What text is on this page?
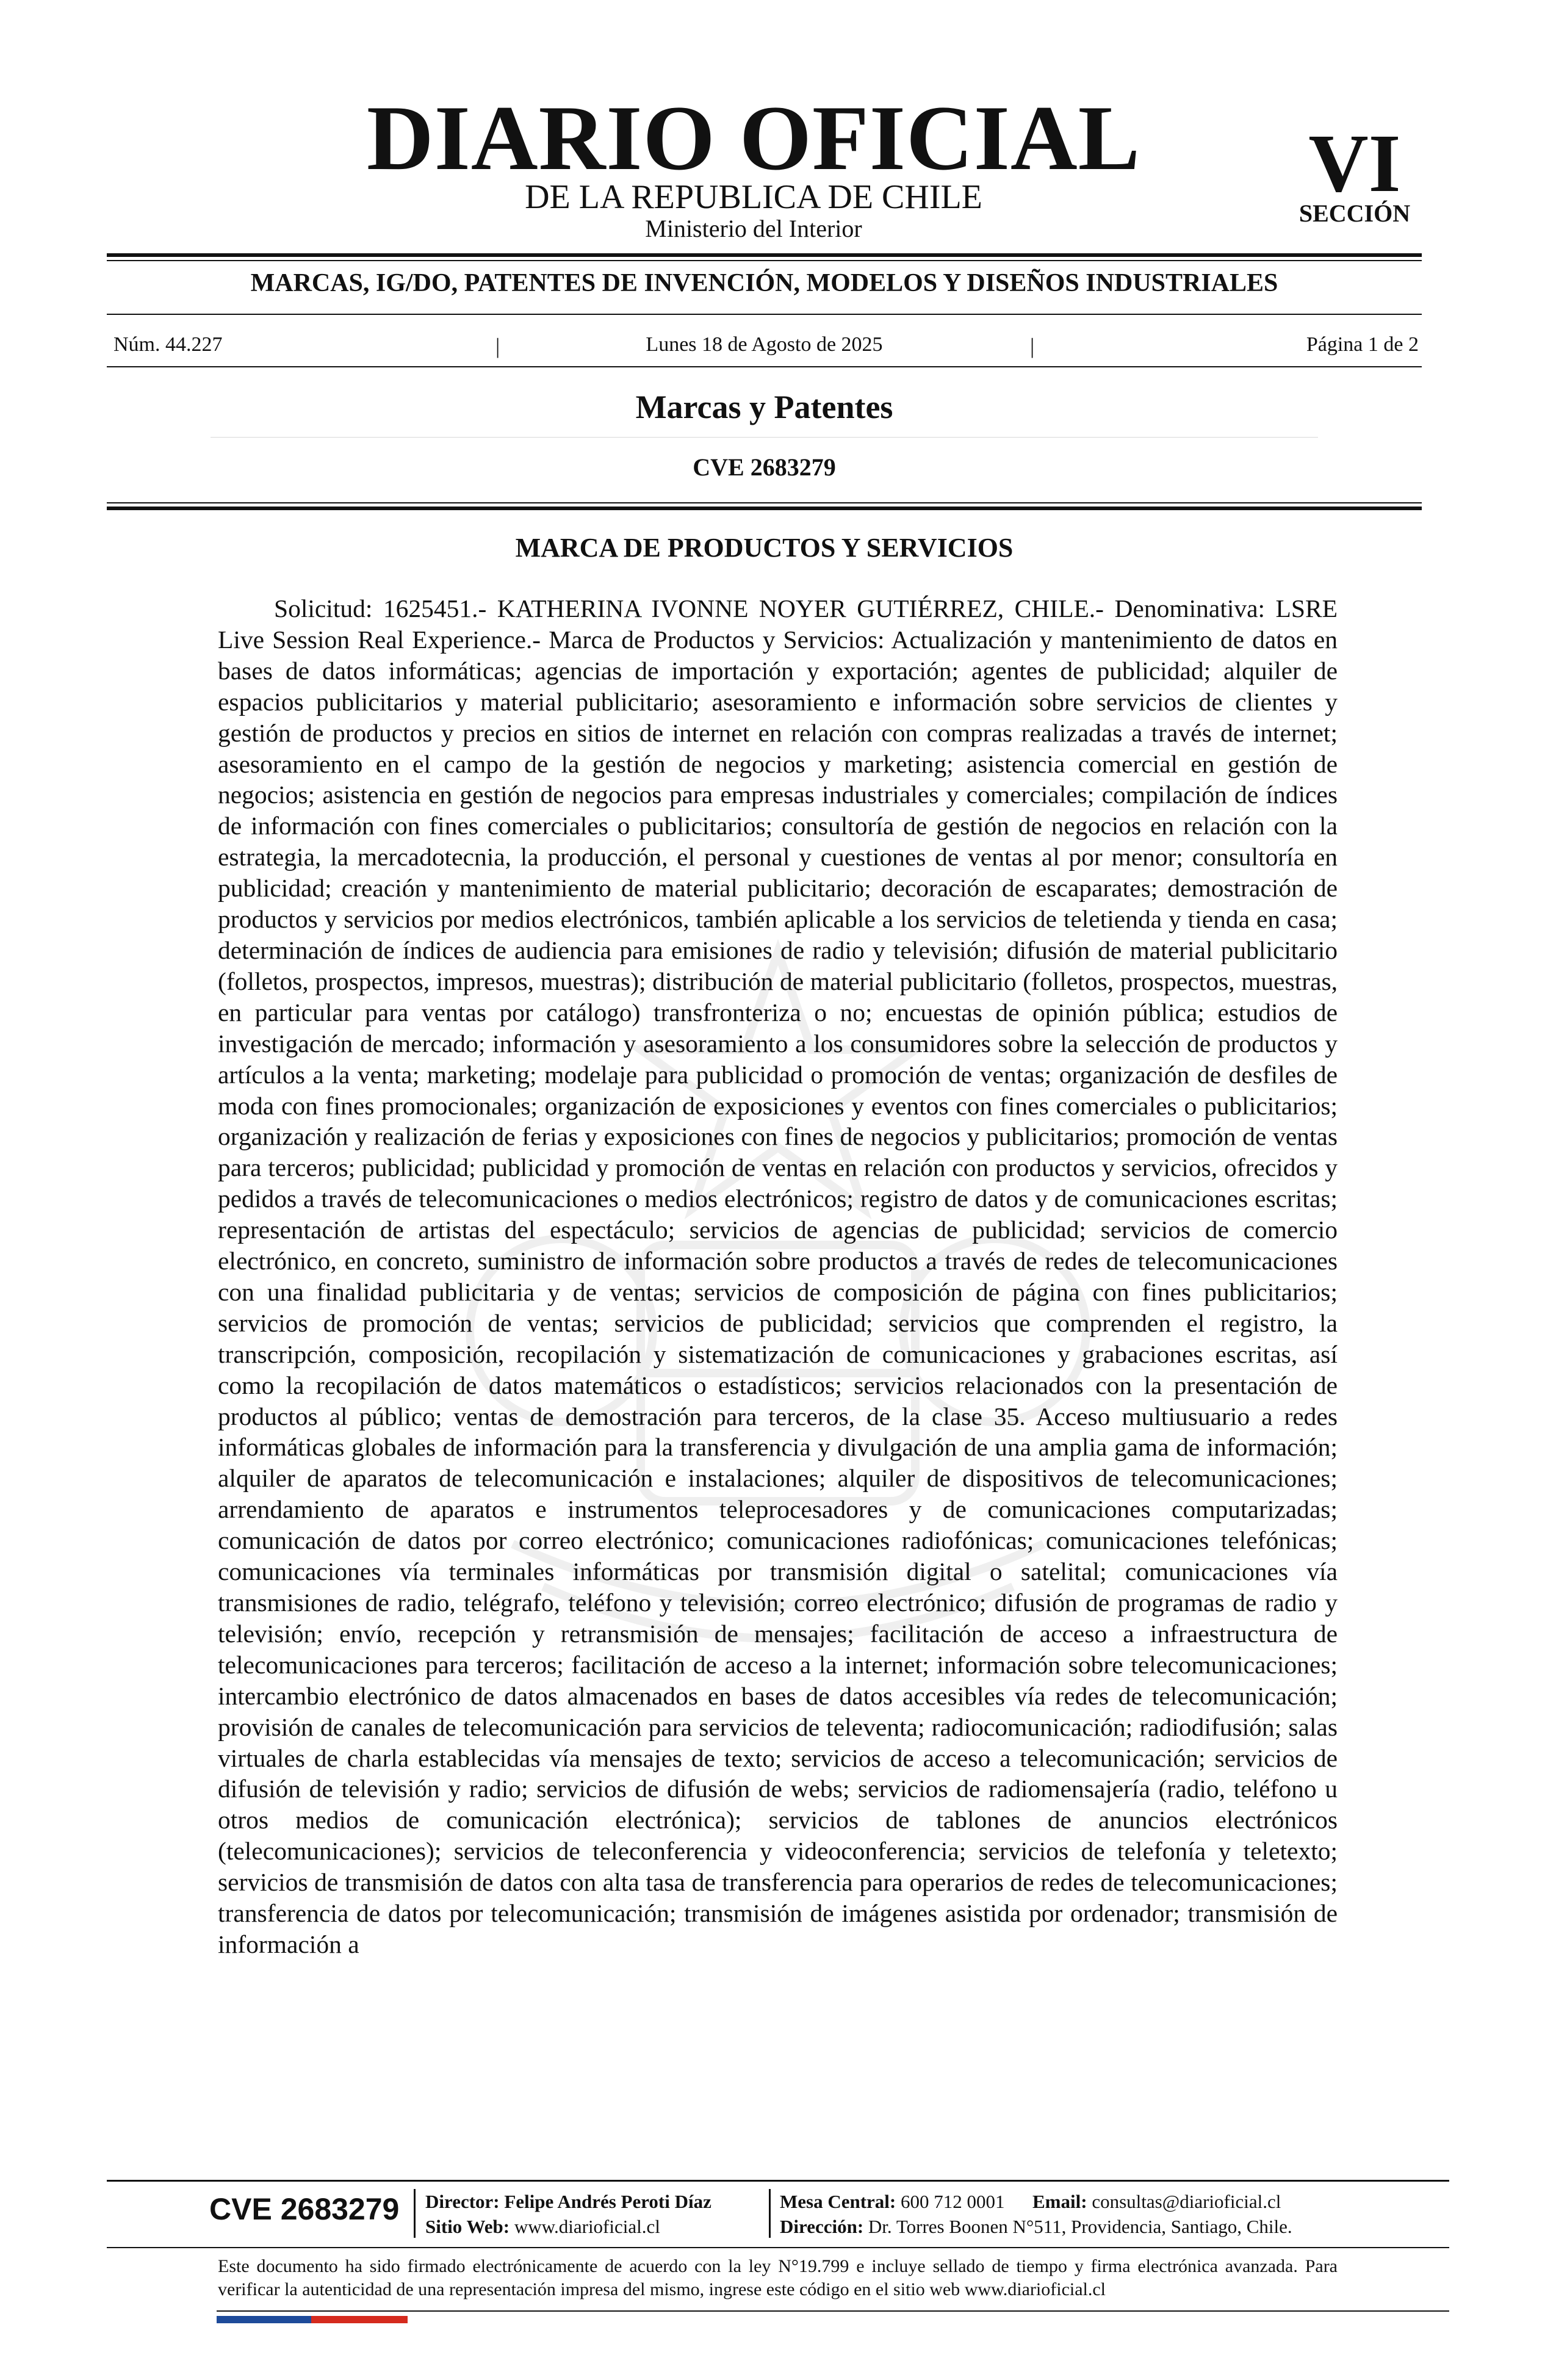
DIARIO OFICIAL
DE LA REPUBLICA DE CHILE
Ministerio del Interior
VI
SECCIÓN
MARCAS, IG/DO, PATENTES DE INVENCIÓN, MODELOS Y DISEÑOS INDUSTRIALES
Núm. 44.227	|	Lunes 18 de Agosto de 2025	|	Página 1 de 2
Marcas y Patentes
CVE 2683279
MARCA DE PRODUCTOS Y SERVICIOS

Solicitud: 1625451.- KATHERINA IVONNE NOYER GUTIÉRREZ, CHILE.- Denominativa: LSRE Live Session Real Experience.- Marca de Productos y Servicios: Actualización y mantenimiento de datos en bases de datos informáticas; agencias de importación y exportación; agentes de publicidad; alquiler de espacios publicitarios y material publicitario; asesoramiento e información sobre servicios de clientes y gestión de productos y precios en sitios de internet en relación con compras realizadas a través de internet; asesoramiento en el campo de la gestión de negocios y marketing; asistencia comercial en gestión de negocios; asistencia en gestión de negocios para empresas industriales y comerciales; compilación de índices de información con fines comerciales o publicitarios; consultoría de gestión de negocios en relación con la estrategia, la mercadotecnia, la producción, el personal y cuestiones de ventas al por menor; consultoría en publicidad; creación y mantenimiento de material publicitario; decoración de escaparates; demostración de productos y servicios por medios electrónicos, también aplicable a los servicios de teletienda y tienda en casa; determinación de índices de audiencia para emisiones de radio y televisión; difusión de material publicitario (folletos, prospectos, impresos, muestras); distribución de material publicitario (folletos, prospectos, muestras, en particular para ventas por catálogo) transfronteriza o no; encuestas de opinión pública; estudios de investigación de mercado; información y asesoramiento a los consumidores sobre la selección de productos y artículos a la venta; marketing; modelaje para publicidad o promoción de ventas; organización de desfiles de moda con fines promocionales; organización de exposiciones y eventos con fines comerciales o publicitarios; organización y realización de ferias y exposiciones con fines de negocios y publicitarios; promoción de ventas para terceros; publicidad; publicidad y promoción de ventas en relación con productos y servicios, ofrecidos y pedidos a través de telecomunicaciones o medios electrónicos; registro de datos y de comunicaciones escritas; representación de artistas del espectáculo; servicios de agencias de publicidad; servicios de comercio electrónico, en concreto, suministro de información sobre productos a través de redes de telecomunicaciones con una finalidad publicitaria y de ventas; servicios de composición de página con fines publicitarios; servicios de promoción de ventas; servicios de publicidad; servicios que comprenden el registro, la transcripción, composición, recopilación y sistematización de comunicaciones y grabaciones escritas, así como la recopilación de datos matemáticos o estadísticos; servicios relacionados con la presentación de productos al público; ventas de demostración para terceros, de la clase 35. Acceso multiusuario a redes informáticas globales de información para la transferencia y divulgación de una amplia gama de información; alquiler de aparatos de telecomunicación e instalaciones; alquiler de dispositivos de telecomunicaciones; arrendamiento de aparatos e instrumentos teleprocesadores y de comunicaciones computarizadas; comunicación de datos por correo electrónico; comunicaciones radiofónicas; comunicaciones telefónicas; comunicaciones vía terminales informáticas por transmisión digital o satelital; comunicaciones vía transmisiones de radio, telégrafo, teléfono y televisión; correo electrónico; difusión de programas de radio y televisión; envío, recepción y retransmisión de mensajes; facilitación de acceso a infraestructura de telecomunicaciones para terceros; facilitación de acceso a la internet; información sobre telecomunicaciones; intercambio electrónico de datos almacenados en bases de datos accesibles vía redes de telecomunicación; provisión de canales de telecomunicación para servicios de televenta; radiocomunicación; radiodifusión; salas virtuales de charla establecidas vía mensajes de texto; servicios de acceso a telecomunicación; servicios de difusión de televisión y radio; servicios de difusión de webs; servicios de radiomensajería (radio, teléfono u otros medios de comunicación electrónica); servicios de tablones de anuncios electrónicos (telecomunicaciones); servicios de teleconferencia y videoconferencia; servicios de telefonía y teletexto; servicios de transmisión de datos con alta tasa de transferencia para operarios de redes de telecomunicaciones; transferencia de datos por telecomunicación; transmisión de imágenes asistida por ordenador; transmisión de información a

CVE 2683279 Director: Felipe Andrés Peroti Díaz
Sitio Web: www.diarioficial.cl
Mesa Central: 600 712 0001 Email: consultas@diarioficial.cl
Dirección: Dr. Torres Boonen N°511, Providencia, Santiago, Chile.

Este documento ha sido firmado electrónicamente de acuerdo con la ley N°19.799 e incluye sellado de tiempo y firma electrónica avanzada. Para verificar la autenticidad de una representación impresa del mismo, ingrese este código en el sitio web www.diarioficial.cl
